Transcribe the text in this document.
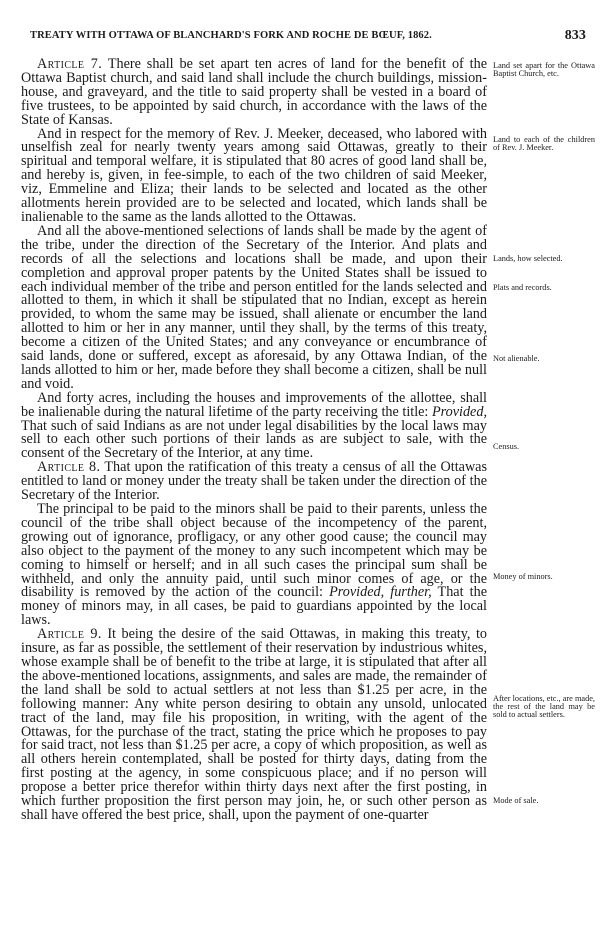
TREATY WITH OTTAWA OF BLANCHARD'S FORK AND ROCHE DE BŒUF, 1862.	833

Article 7. There shall be set apart ten acres of land for the benefit of the Ottawa Baptist church, and said land shall include the church buildings, mission-house, and graveyard, and the title to said property shall be vested in a board of five trustees, to be appointed by said church, in accordance with the laws of the State of Kansas.

And in respect for the memory of Rev. J. Meeker, deceased, who labored with unselfish zeal for nearly twenty years among said Ottawas, greatly to their spiritual and temporal welfare, it is stipulated that 80 acres of good land shall be, and hereby is, given, in fee-simple, to each of the two children of said Meeker, viz, Emmeline and Eliza; their lands to be selected and located as the other allotments herein provided are to be selected and located, which lands shall be inalienable to the same as the lands allotted to the Ottawas.

And all the above-mentioned selections of lands shall be made by the agent of the tribe, under the direction of the Secretary of the Interior. And plats and records of all the selections and locations shall be made, and upon their completion and approval proper patents by the United States shall be issued to each individual member of the tribe and person entitled for the lands selected and allotted to them, in which it shall be stipulated that no Indian, except as herein provided, to whom the same may be issued, shall alienate or encumber the land allotted to him or her in any manner, until they shall, by the terms of this treaty, become a citizen of the United States; and any conveyance or encumbrance of said lands, done or suffered, except as aforesaid, by any Ottawa Indian, of the lands allotted to him or her, made before they shall become a citizen, shall be null and void.

And forty acres, including the houses and improvements of the allottee, shall be inalienable during the natural lifetime of the party receiving the title: Provided, That such of said Indians as are not under legal disabilities by the local laws may sell to each other such portions of their lands as are subject to sale, with the consent of the Secretary of the Interior, at any time.

Article 8. That upon the ratification of this treaty a census of all the Ottawas entitled to land or money under the treaty shall be taken under the direction of the Secretary of the Interior.

The principal to be paid to the minors shall be paid to their parents, unless the council of the tribe shall object because of the incompetency of the parent, growing out of ignorance, profligacy, or any other good cause; the council may also object to the payment of the money to any such incompetent which may be coming to himself or herself; and in all such cases the principal sum shall be withheld, and only the annuity paid, until such minor comes of age, or the disability is removed by the action of the council: Provided, further, That the money of minors may, in all cases, be paid to guardians appointed by the local laws.

Article 9. It being the desire of the said Ottawas, in making this treaty, to insure, as far as possible, the settlement of their reservation by industrious whites, whose example shall be of benefit to the tribe at large, it is stipulated that after all the above-mentioned locations, assignments, and sales are made, the remainder of the land shall be sold to actual settlers at not less than $1.25 per acre, in the following manner: Any white person desiring to obtain any unsold, unlocated tract of the land, may file his proposition, in writing, with the agent of the Ottawas, for the purchase of the tract, stating the price which he proposes to pay for said tract, not less than $1.25 per acre, a copy of which proposition, as well as all others herein contemplated, shall be posted for thirty days, dating from the first posting at the agency, in some conspicuous place; and if no person will propose a better price therefor within thirty days next after the first posting, in which further proposition the first person may join, he, or such other person as shall have offered the best price, shall, upon the payment of one-quarter

Land set apart for the Ottawa Baptist Church, etc.
Land to each of the children of Rev. J. Meeker.
Lands, how selected.
Plats and records.
Not alienable.
Census.
Money of minors.
After locations, etc., are made, the rest of the land may be sold to actual settlers.
Mode of sale.
